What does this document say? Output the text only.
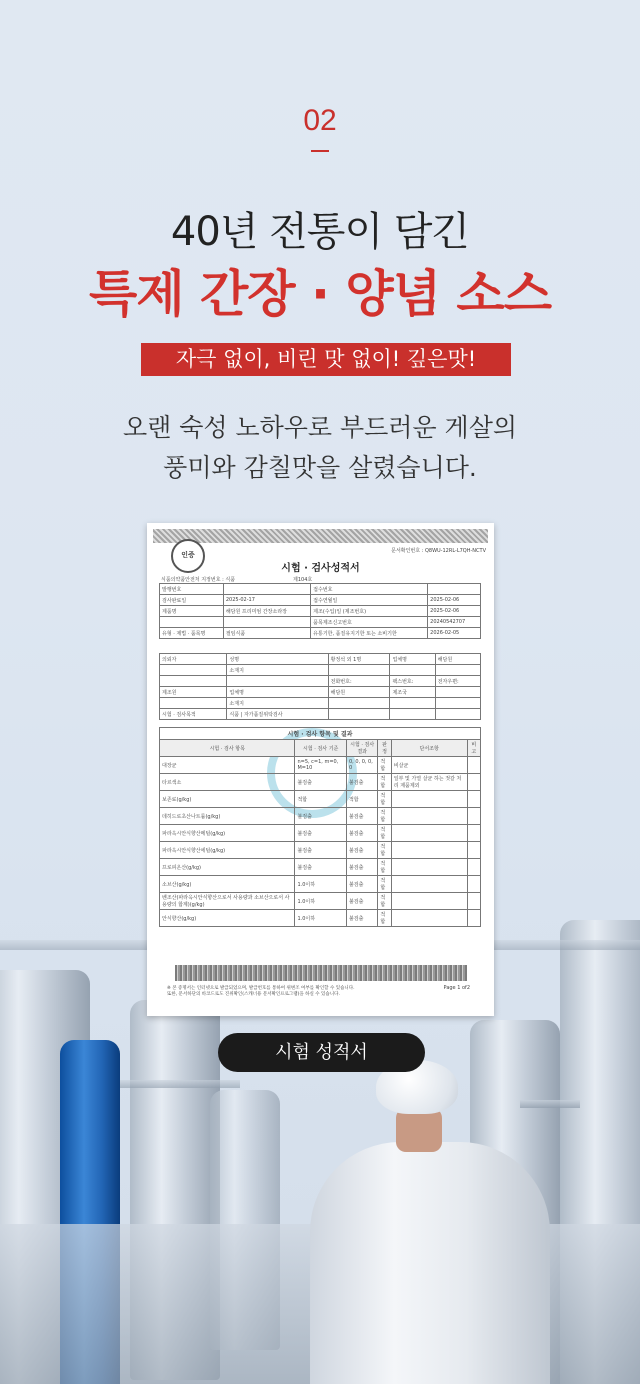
02
40년 전통이 담긴
특제 간장 · 양념 소스
자극 없이, 비린 맛 없이! 깊은맛!
오랜 숙성 노하우로 부드러운 게살의
풍미와 감칠맛을 살렸습니다.
문서확인번호 : Q8WU-12RL-L7QH-NCTV
인증
시험 · 검사성적서
식품의약품안전처 지정번호 : 식품	제104호
발행번호		접수번호	
검사완료일	2025-02-17	접수연월일	2025-02-06
제품명	해담원 프리미엄 간장소라장	제조(수입)일 (제조번호)	2025-02-06
		품목제조신고번호	20240542707
유형 · 제법 · 품목명	절임식품	유통기한, 품질유지기한 또는 소비기한	2026-02-05
의뢰자	성명	황정석 외 1명	업체명	해담원
	소재지			
		전화번호:	팩스번호:	전자우편:
제조원	업체명	해담원	제조국	
	소재지			
시험 · 검사목적	식품 | 자가품질위탁검사			
시험 · 검사 항목 및 결과					
시험 · 검사 항목	시험 · 검사 기준	시험 · 검사결과	판정	단서조항	비고
대장균	n=5, c=1, m=0, M=10	0, 0, 0, 0, 0	적합	비살균	
타르색소	불검출	불검출	적합	일부 및 가열 살균 하는 젓갈 처리 제품제외	
보존료(g/kg)	적합	적합	적합		
데히드로초산나트륨(g/kg)	불검출	불검출	적합		
파라옥시안식향산메틸(g/kg)	불검출	불검출	적합		
파라옥시안식향산에틸(g/kg)	불검출	불검출	적합		
프로피온산(g/kg)	불검출	불검출	적합		
소브산(g/kg)	1.0이하	불검출	적합		
벤조산(파라옥시안식향산으로서 사용량과 소브산으로서 사용량의 합계)(g/kg)	1.0이하	불검출	적합		
안식향산(g/kg)	1.0이하	불검출	적합		
※ 본 증명서는 인터넷으로 발급되었으며, 발급번호를 통하여 위변조 여부를 확인할 수 있습니다.
또한, 문서하단의 바코드로도 진위확인(스캐너용 문서확인프로그램)을 하실 수 있습니다.
Page 1 of2
시험 성적서
